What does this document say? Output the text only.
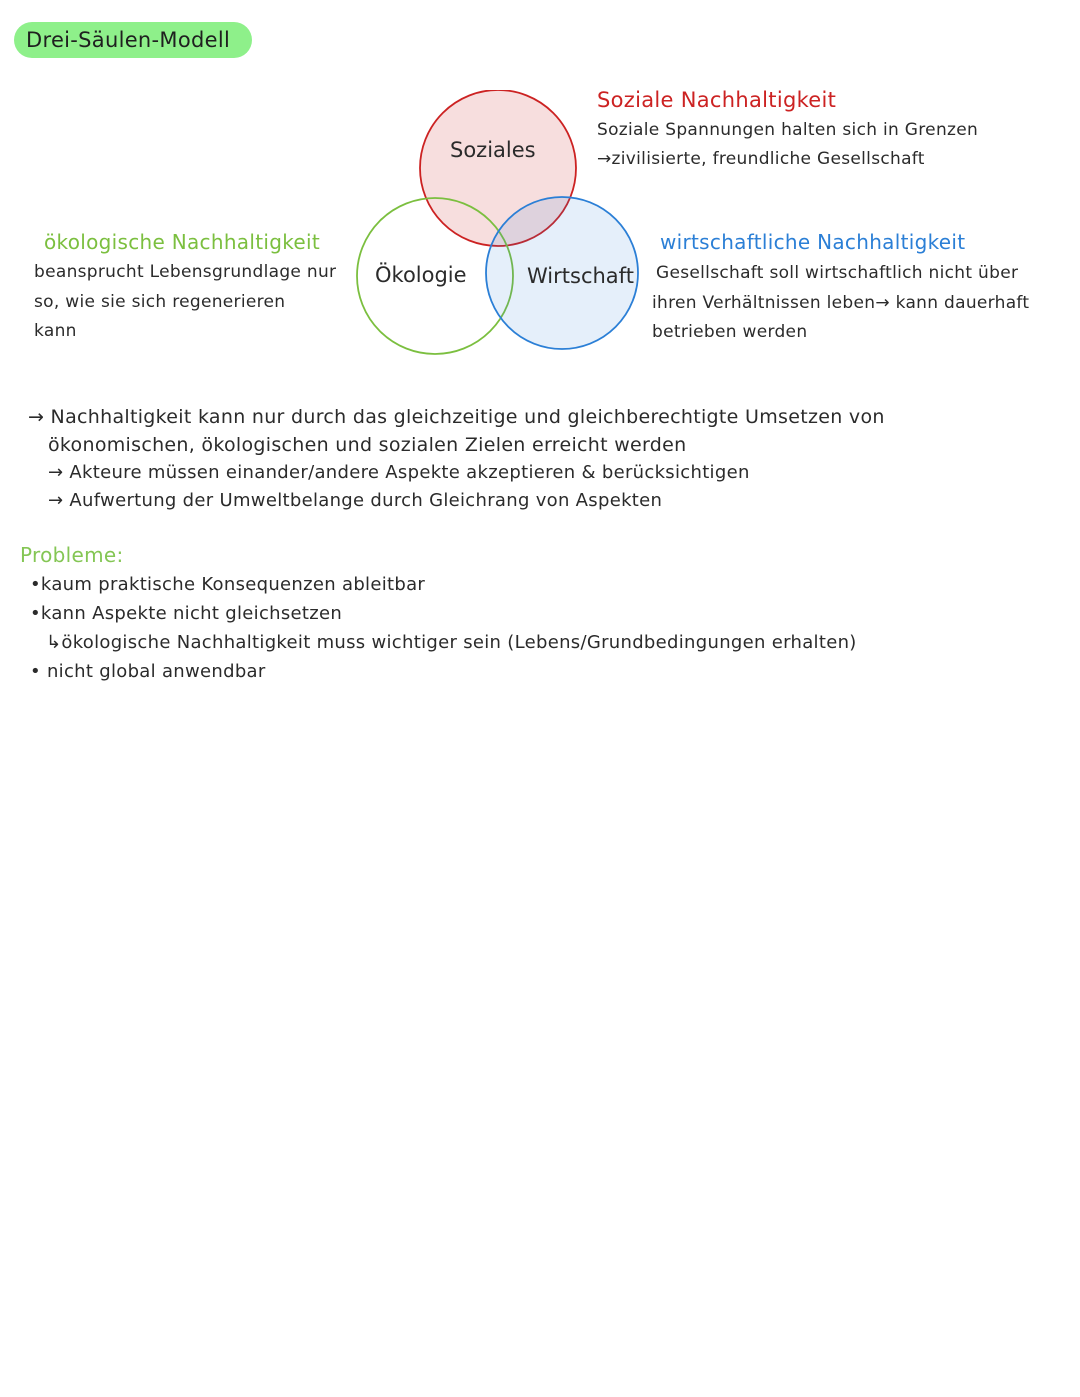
Drei-Säulen-Modell
Soziales
Ökologie	Wirtschaft
Soziale Nachhaltigkeit
Soziale Spannungen halten sich in Grenzen
→zivilisierte, freundliche Gesellschaft
ökologische Nachhaltigkeit
beansprucht Lebensgrundlage nur
so, wie sie sich regenerieren
kann
wirtschaftliche Nachhaltigkeit
Gesellschaft soll wirtschaftlich nicht über
ihren Verhältnissen leben→ kann dauerhaft
betrieben werden
→ Nachhaltigkeit kann nur durch das gleichzeitige und gleichberechtigte Umsetzen von
ökonomischen, ökologischen und sozialen Zielen erreicht werden
→ Akteure müssen einander/andere Aspekte akzeptieren & berücksichtigen
→ Aufwertung der Umweltbelange durch Gleichrang von Aspekten
Probleme:
•kaum praktische Konsequenzen ableitbar
•kann Aspekte nicht gleichsetzen
↳ökologische Nachhaltigkeit muss wichtiger sein (Lebens/Grundbedingungen erhalten)
• nicht global anwendbar
